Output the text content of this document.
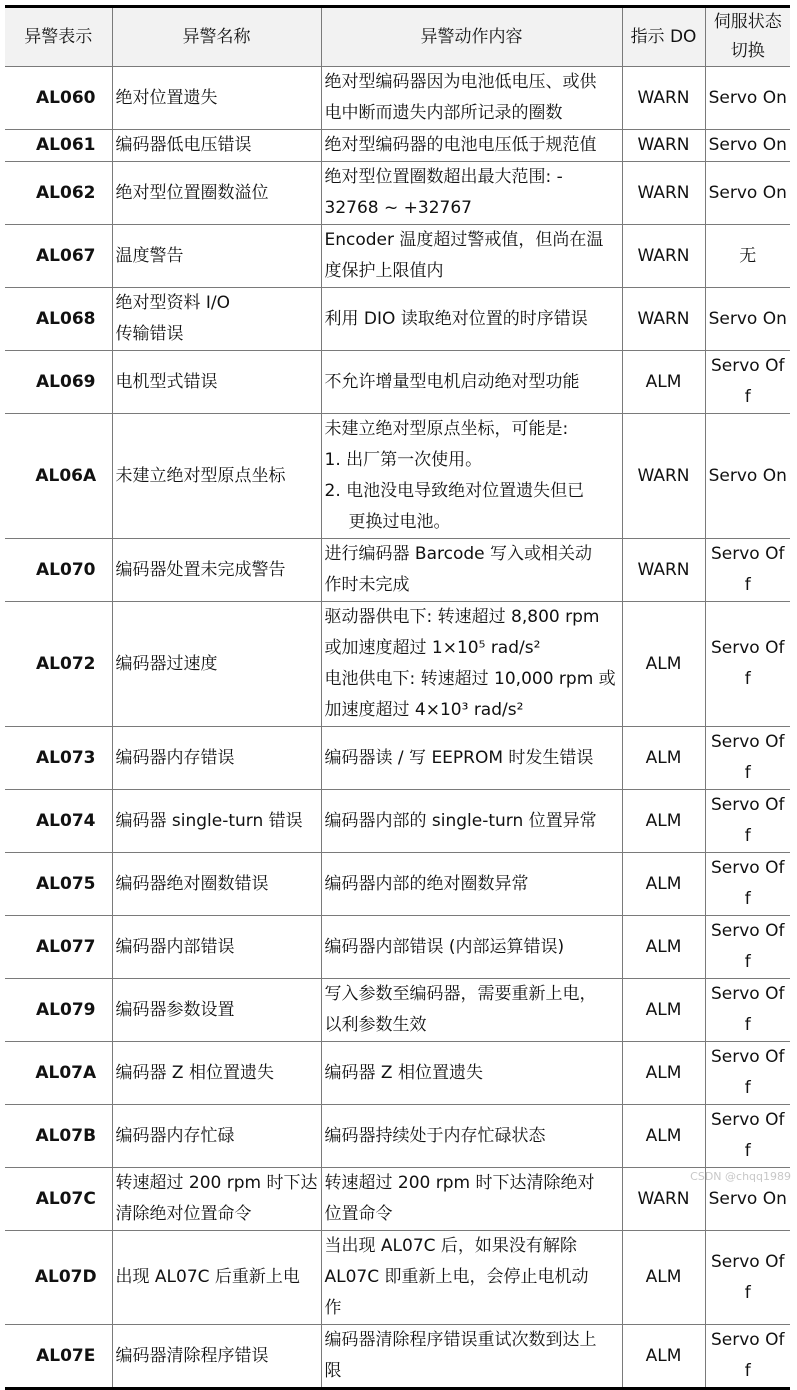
异警表示	异警名称	异警动作内容	指示 DO	伺服状态
切换

AL060	绝对位置遗失	绝对型编码器因为电池低电压、或供
电中断而遗失内部所记录的圈数	WARN	Servo On
AL061	编码器低电压错误	绝对型编码器的电池电压低于规范值	WARN	Servo On
AL062	绝对型位置圈数溢位	绝对型位置圈数超出最大范围: -
32768 ~ +32767	WARN	Servo On
AL067	温度警告	Encoder 温度超过警戒值，但尚在温
度保护上限值内	WARN	无
AL068	绝对型资料 I/O
传输错误	利用 DIO 读取绝对位置的时序错误	WARN	Servo On
AL069	电机型式错误	不允许增量型电机启动绝对型功能	ALM	Servo Off
AL06A	未建立绝对型原点坐标	未建立绝对型原点坐标，可能是:
1. 出厂第一次使用。
2. 电池没电导致绝对位置遗失但已
更换过电池。	WARN	Servo On
AL070	编码器处置未完成警告	进行编码器 Barcode 写入或相关动
作时未完成	WARN	Servo Off
AL072	编码器过速度	驱动器供电下: 转速超过 8,800 rpm
或加速度超过 1×10⁵ rad/s²
电池供电下: 转速超过 10,000 rpm 或
加速度超过 4×10³ rad/s²	ALM	Servo Off
AL073	编码器内存错误	编码器读 / 写 EEPROM 时发生错误	ALM	Servo Off
AL074	编码器 single-turn 错误	编码器内部的 single-turn 位置异常	ALM	Servo Off
AL075	编码器绝对圈数错误	编码器内部的绝对圈数异常	ALM	Servo Off
AL077	编码器内部错误	编码器内部错误 (内部运算错误)	ALM	Servo Off
AL079	编码器参数设置	写入参数至编码器，需要重新上电，
以利参数生效	ALM	Servo Off
AL07A	编码器 Z 相位置遗失	编码器 Z 相位置遗失	ALM	Servo Off
AL07B	编码器内存忙碌	编码器持续处于内存忙碌状态	ALM	Servo Off
AL07C	转速超过 200 rpm 时下达
清除绝对位置命令	转速超过 200 rpm 时下达清除绝对
位置命令	WARN	Servo On
AL07D	出现 AL07C 后重新上电	当出现 AL07C 后，如果没有解除
AL07C 即重新上电，会停止电机动
作	ALM	Servo Off
AL07E	编码器清除程序错误	编码器清除程序错误重试次数到达上
限	ALM	Servo Off
CSDN @chqq1989
